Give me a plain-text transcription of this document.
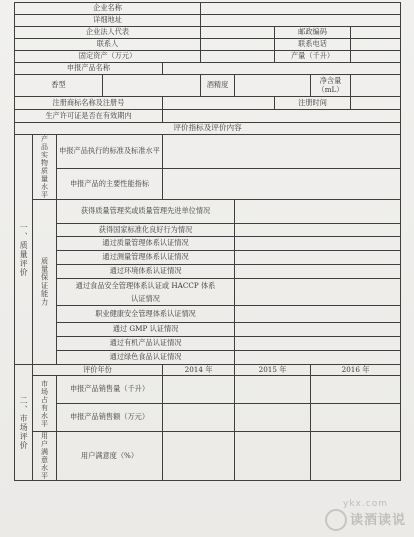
企业名称									
详细地址									
企业法人代表							邮政编码		
联系人							联系电话		
固定资产（万元）							产量（千升）		
申报产品名称									
香型					酒精度			净含量（mL）	
注册商标名称及注册号							注册时间		
生产许可证是否在有效期内									
评价指标及评价内容									

一、质量评价	产品实物质量水平	申报产品执行的标准及标准水平							
		申报产品的主要性能指标							

	质量保证能力	获得质量管理奖或质量管理先进单位情况							
		获得国家标准化良好行为情况							
		通过质量管理体系认证情况							
		通过测量管理体系认证情况							
		通过环境体系认证情况							
		通过食品安全管理体系认证或 HACCP 体系							
		认证情况							
		职业健康安全管理体系认证情况							
		通过 GMP 认证情况							
		通过有机产品认证情况							
		通过绿色食品认证情况							

二、市场评价	评价年份			2014 年		2015 年		2016 年	

	市场占有水平	申报产品销售量（千升）							
		申报产品销售额（万元）							

	用户满意水平	用户满意度（%）							
ykx.com
读酒读说
